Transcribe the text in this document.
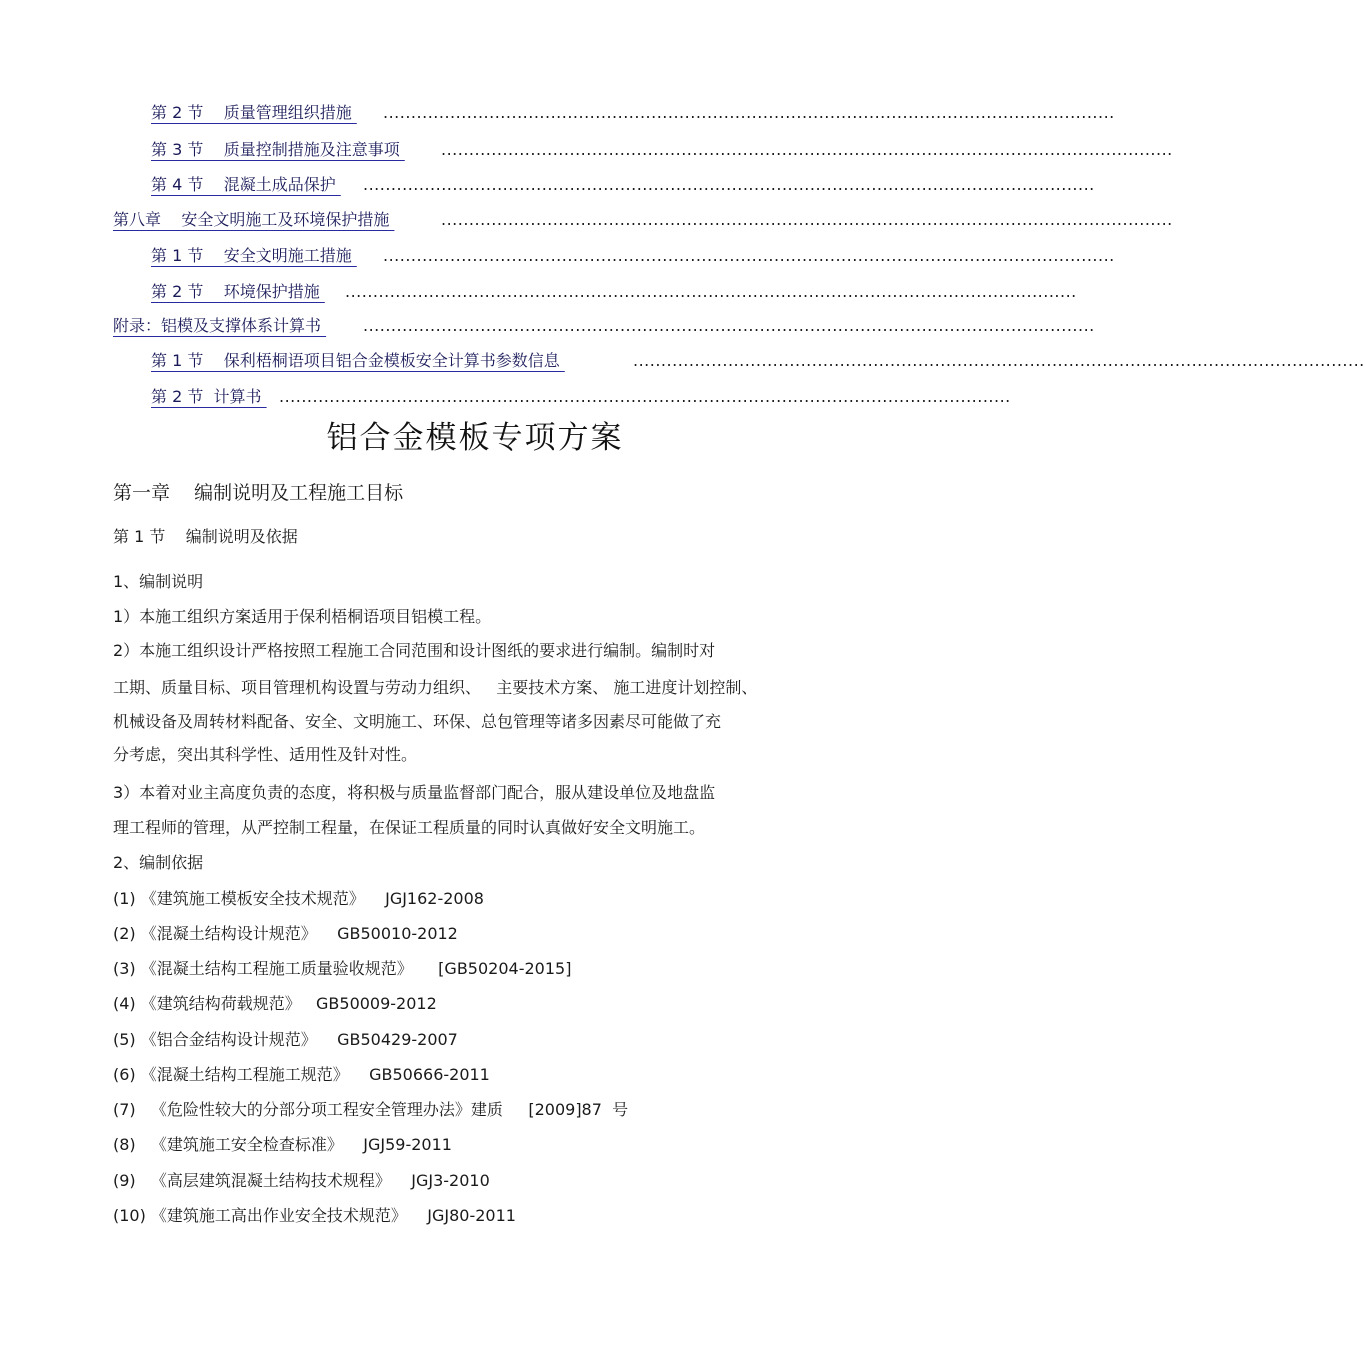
第 2 节    质量管理组织措施 ...................................................................................................................................
第 3 节    质量控制措施及注意事项 ...................................................................................................................................
第 4 节    混凝土成品保护 ...................................................................................................................................
第八章    安全文明施工及环境保护措施	...................................................................................................................................
第 1 节    安全文明施工措施 ...................................................................................................................................
第 2 节    环境保护措施 ...................................................................................................................................
附录：铝模及支撑体系计算书 ...................................................................................................................................
第 1 节    保利梧桐语项目铝合金模板安全计算书参数信息	...................................................................................................................................
第 2 节  计算书 ...................................................................................................................................
铝合金模板专项方案
第一章    编制说明及工程施工目标
第 1 节    编制说明及依据
1、编制说明
1）本施工组织方案适用于保利梧桐语项目铝模工程。
2）本施工组织设计严格按照工程施工合同范围和设计图纸的要求进行编制。编制时对
工期、质量目标、项目管理机构设置与劳动力组织、   主要技术方案、 施工进度计划控制、
机械设备及周转材料配备、安全、文明施工、环保、总包管理等诸多因素尽可能做了充
分考虑，突出其科学性、适用性及针对性。
3）本着对业主高度负责的态度，将积极与质量监督部门配合，服从建设单位及地盘监
理工程师的管理，从严控制工程量，在保证工程质量的同时认真做好安全文明施工。
2、编制依据
(1) 《建筑施工模板安全技术规范》    JGJ162-2008
(2) 《混凝土结构设计规范》    GB50010-2012
(3) 《混凝土结构工程施工质量验收规范》     [GB50204-2015]
(4) 《建筑结构荷载规范》   GB50009-2012
(5) 《铝合金结构设计规范》    GB50429-2007
(6) 《混凝土结构工程施工规范》    GB50666-2011
(7)   《危险性较大的分部分项工程安全管理办法》建质     [2009]87  号
(8)   《建筑施工安全检查标准》    JGJ59-2011
(9)   《高层建筑混凝土结构技术规程》    JGJ3-2010
(10) 《建筑施工高出作业安全技术规范》    JGJ80-2011
